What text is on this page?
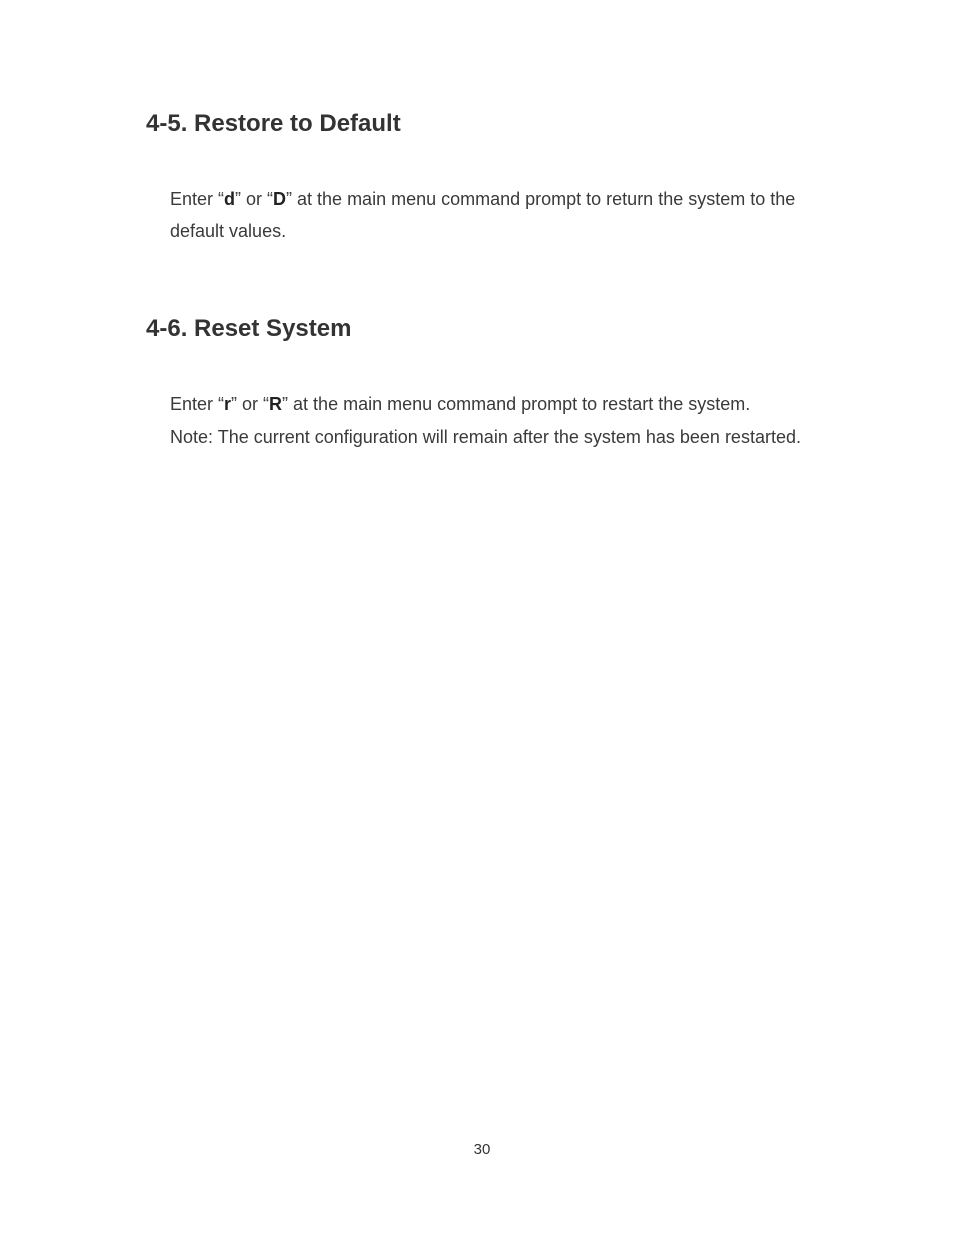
4-5. Restore to Default
Enter “d” or “D” at the main menu command prompt to return the system to the
default values.
4-6. Reset System
Enter “r” or “R” at the main menu command prompt to restart the system.
Note: The current configuration will remain after the system has been restarted.
30
